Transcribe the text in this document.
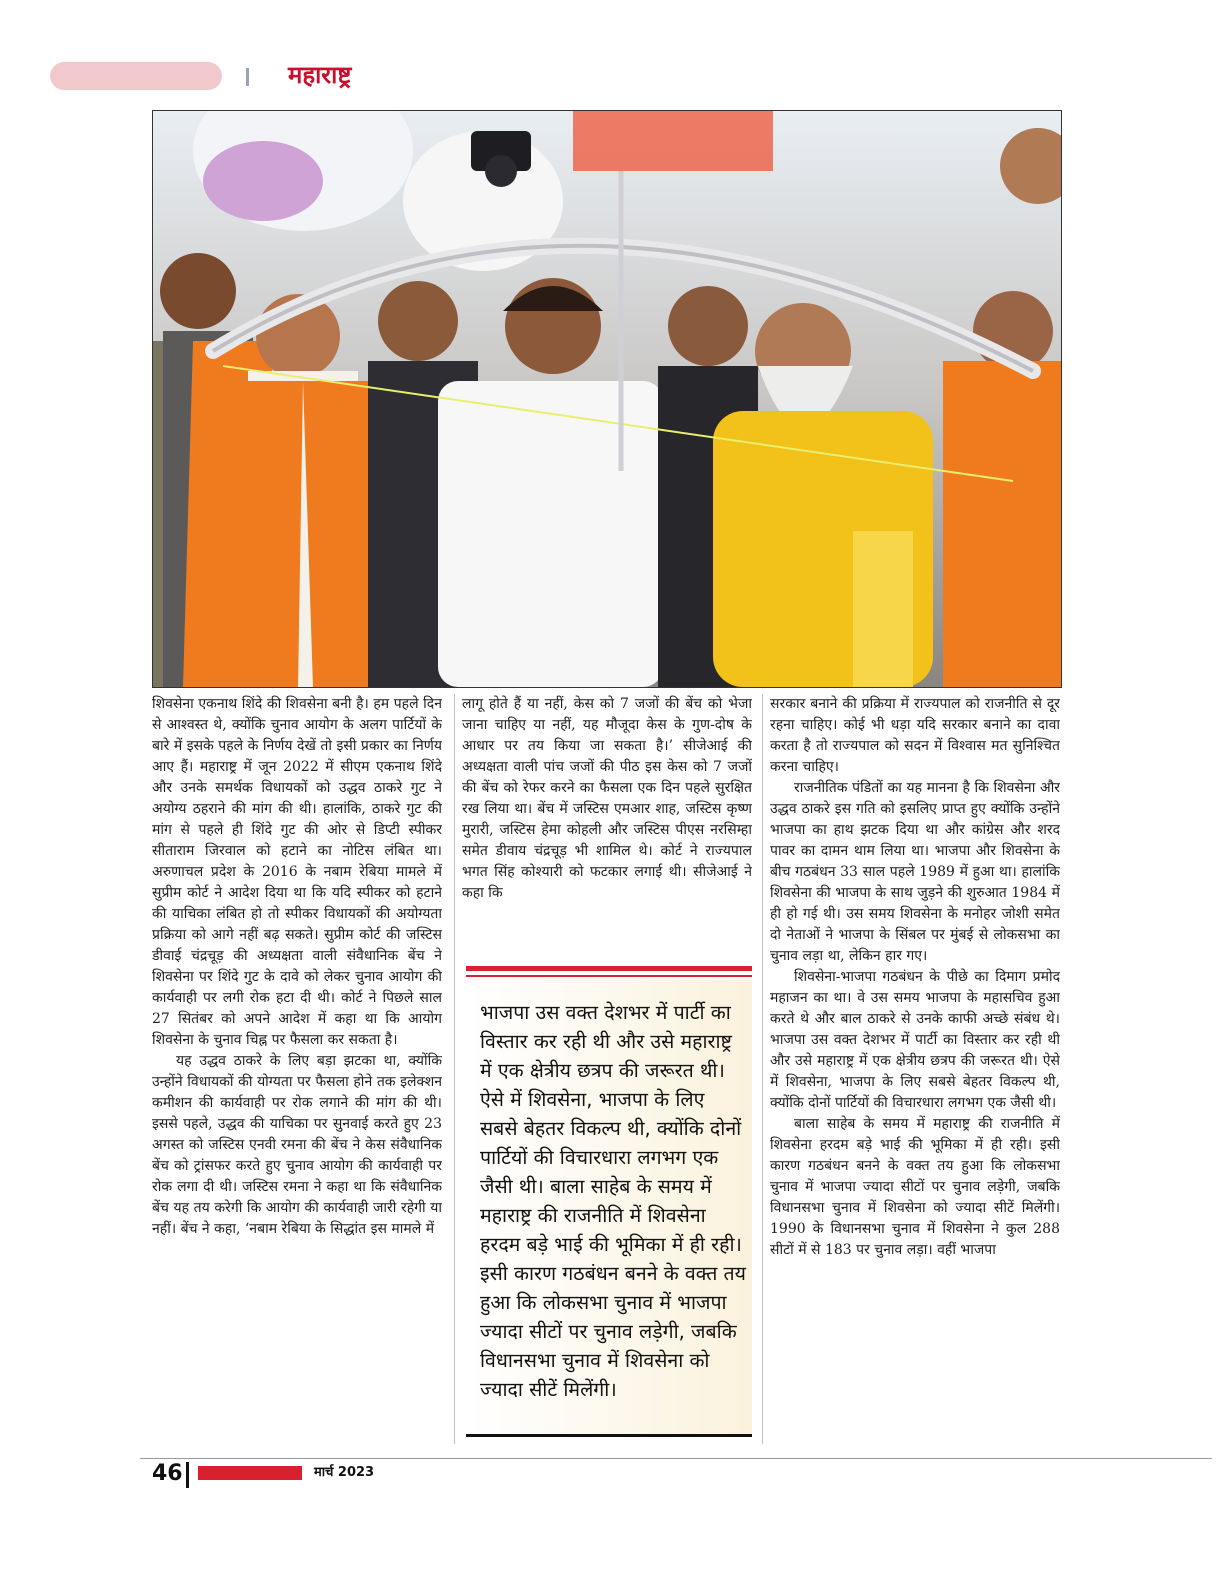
महाराष्ट्र

शिवसेना एकनाथ शिंदे की शिवसेना बनी है। हम पहले दिन से आश्वस्त थे, क्योंकि चुनाव आयोग के अलग पार्टियों के बारे में इसके पहले के निर्णय देखें तो इसी प्रकार का निर्णय आए हैं। महाराष्ट्र में जून 2022 में सीएम एकनाथ शिंदे और उनके समर्थक विधायकों को उद्धव ठाकरे गुट ने अयोग्य ठहराने की मांग की थी। हालांकि, ठाकरे गुट की मांग से पहले ही शिंदे गुट की ओर से डिप्टी स्पीकर सीताराम जिरवाल को हटाने का नोटिस लंबित था। अरुणाचल प्रदेश के 2016 के नबाम रेबिया मामले में सुप्रीम कोर्ट ने आदेश दिया था कि यदि स्पीकर को हटाने की याचिका लंबित हो तो स्पीकर विधायकों की अयोग्यता प्रक्रिया को आगे नहीं बढ़ सकते। सुप्रीम कोर्ट की जस्टिस डीवाई चंद्रचूड़ की अध्यक्षता वाली संवैधानिक बेंच ने शिवसेना पर शिंदे गुट के दावे को लेकर चुनाव आयोग की कार्यवाही पर लगी रोक हटा दी थी। कोर्ट ने पिछले साल 27 सितंबर को अपने आदेश में कहा था कि आयोग शिवसेना के चुनाव चिह्न पर फैसला कर सकता है।

यह उद्धव ठाकरे के लिए बड़ा झटका था, क्योंकि उन्होंने विधायकों की योग्यता पर फैसला होने तक इलेक्शन कमीशन की कार्यवाही पर रोक लगाने की मांग की थी। इससे पहले, उद्धव की याचिका पर सुनवाई करते हुए 23 अगस्त को जस्टिस एनवी रमना की बेंच ने केस संवैधानिक बेंच को ट्रांसफर करते हुए चुनाव आयोग की कार्यवाही पर रोक लगा दी थी। जस्टिस रमना ने कहा था कि संवैधानिक बेंच यह तय करेगी कि आयोग की कार्यवाही जारी रहेगी या नहीं। बेंच ने कहा, ‘नबाम रेबिया के सिद्धांत इस मामले में

लागू होते हैं या नहीं, केस को 7 जजों की बेंच को भेजा जाना चाहिए या नहीं, यह मौजूदा केस के गुण-दोष के आधार पर तय किया जा सकता है।’ सीजेआई की अध्यक्षता वाली पांच जजों की पीठ इस केस को 7 जजों की बेंच को रेफर करने का फैसला एक दिन पहले सुरक्षित रख लिया था। बेंच में जस्टिस एमआर शाह, जस्टिस कृष्ण मुरारी, जस्टिस हेमा कोहली और जस्टिस पीएस नरसिम्हा समेत डीवाय चंद्रचूड़ भी शामिल थे। कोर्ट ने राज्यपाल भगत सिंह कोश्यारी को फटकार लगाई थी। सीजेआई ने कहा कि

भाजपा उस वक्त देशभर में पार्टी का विस्तार कर रही थी और उसे महाराष्ट्र में एक क्षेत्रीय छत्रप की जरूरत थी। ऐसे में शिवसेना, भाजपा के लिए सबसे बेहतर विकल्प थी, क्योंकि दोनों पार्टियों की विचारधारा लगभग एक जैसी थी। बाला साहेब के समय में महाराष्ट्र की राजनीति में शिवसेना हरदम बड़े भाई की भूमिका में ही रही। इसी कारण गठबंधन बनने के वक्त तय हुआ कि लोकसभा चुनाव में भाजपा ज्यादा सीटों पर चुनाव लड़ेगी, जबकि विधानसभा चुनाव में शिवसेना को ज्यादा सीटें मिलेंगी।

सरकार बनाने की प्रक्रिया में राज्यपाल को राजनीति से दूर रहना चाहिए। कोई भी धड़ा यदि सरकार बनाने का दावा करता है तो राज्यपाल को सदन में विश्वास मत सुनिश्चित करना चाहिए।

राजनीतिक पंडितों का यह मानना है कि शिवसेना और उद्धव ठाकरे इस गति को इसलिए प्राप्त हुए क्योंकि उन्होंने भाजपा का हाथ झटक दिया था और कांग्रेस और शरद पावर का दामन थाम लिया था। भाजपा और शिवसेना के बीच गठबंधन 33 साल पहले 1989 में हुआ था। हालांकि शिवसेना की भाजपा के साथ जुड़ने की शुरुआत 1984 में ही हो गई थी। उस समय शिवसेना के मनोहर जोशी समेत दो नेताओं ने भाजपा के सिंबल पर मुंबई से लोकसभा का चुनाव लड़ा था, लेकिन हार गए।

शिवसेना-भाजपा गठबंधन के पीछे का दिमाग प्रमोद महाजन का था। वे उस समय भाजपा के महासचिव हुआ करते थे और बाल ठाकरे से उनके काफी अच्छे संबंध थे। भाजपा उस वक्त देशभर में पार्टी का विस्तार कर रही थी और उसे महाराष्ट्र में एक क्षेत्रीय छत्रप की जरूरत थी। ऐसे में शिवसेना, भाजपा के लिए सबसे बेहतर विकल्प थी, क्योंकि दोनों पार्टियों की विचारधारा लगभग एक जैसी थी।

बाला साहेब के समय में महाराष्ट्र की राजनीति में शिवसेना हरदम बड़े भाई की भूमिका में ही रही। इसी कारण गठबंधन बनने के वक्त तय हुआ कि लोकसभा चुनाव में भाजपा ज्यादा सीटों पर चुनाव लड़ेगी, जबकि विधानसभा चुनाव में शिवसेना को ज्यादा सीटें मिलेंगी। 1990 के विधानसभा चुनाव में शिवसेना ने कुल 288 सीटों में से 183 पर चुनाव लड़ा। वहीं भाजपा

46	मार्च 2023
